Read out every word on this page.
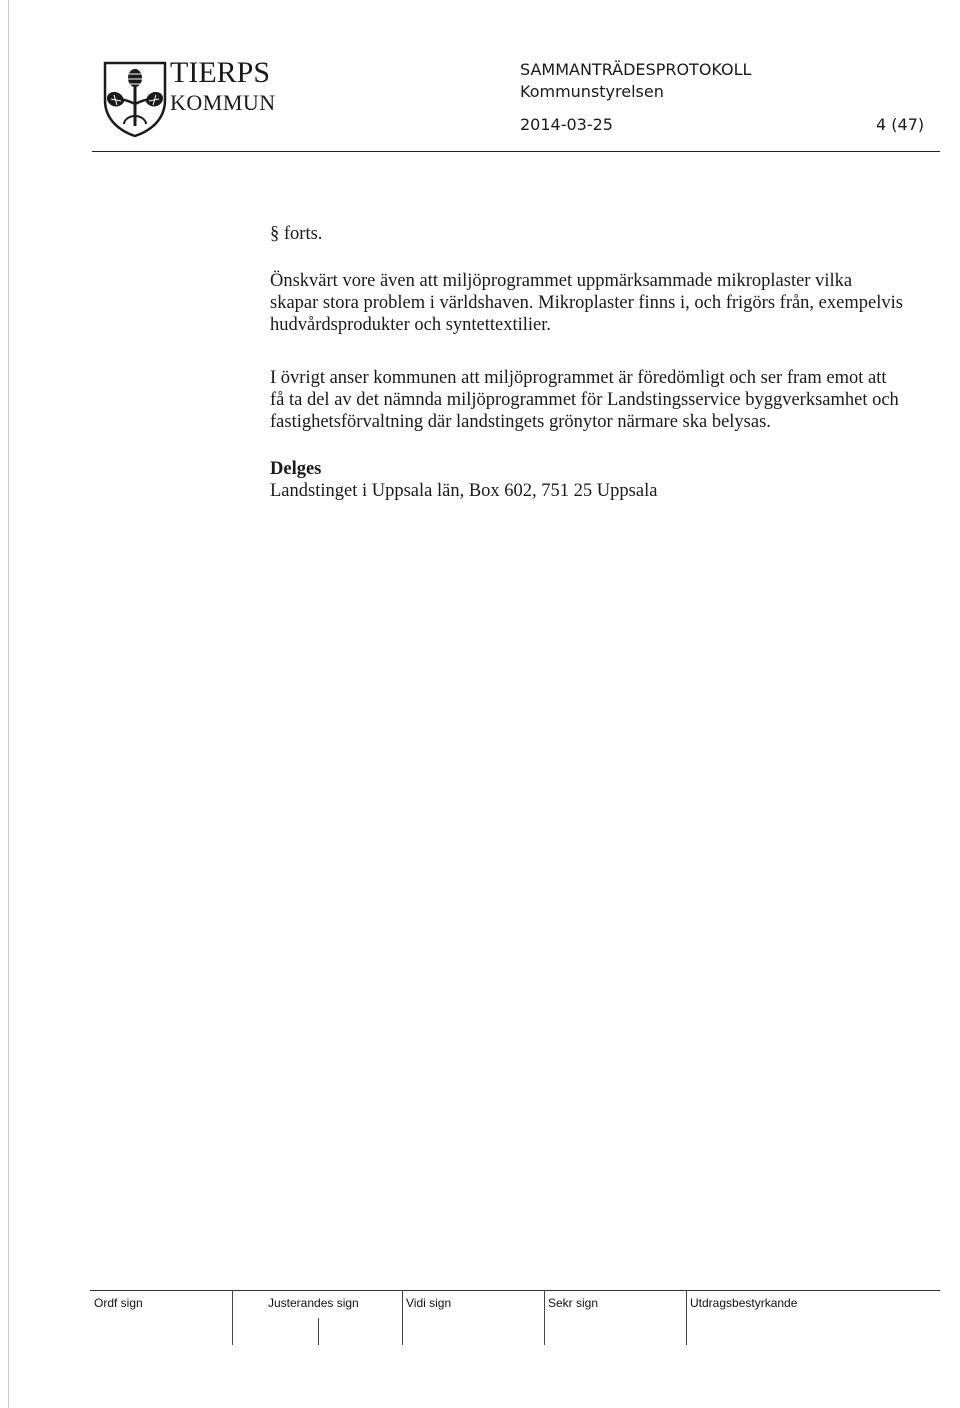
TIERPS
KOMMUN
SAMMANTRÄDESPROTOKOLL
Kommunstyrelsen
2014-03-25	4 (47)
§ forts.
Önskvärt vore även att miljöprogrammet uppmärksammade mikroplaster vilka
skapar stora problem i världshaven. Mikroplaster finns i, och frigörs från, exempelvis
hudvårdsprodukter och syntettextilier.
I övrigt anser kommunen att miljöprogrammet är föredömligt och ser fram emot att
få ta del av det nämnda miljöprogrammet för Landstingsservice byggverksamhet och
fastighetsförvaltning där landstingets grönytor närmare ska belysas.
Delges
Landstinget i Uppsala län, Box 602, 751 25 Uppsala
Ordf sign	Justerandes sign	Vidi sign	Sekr sign	Utdragsbestyrkande
